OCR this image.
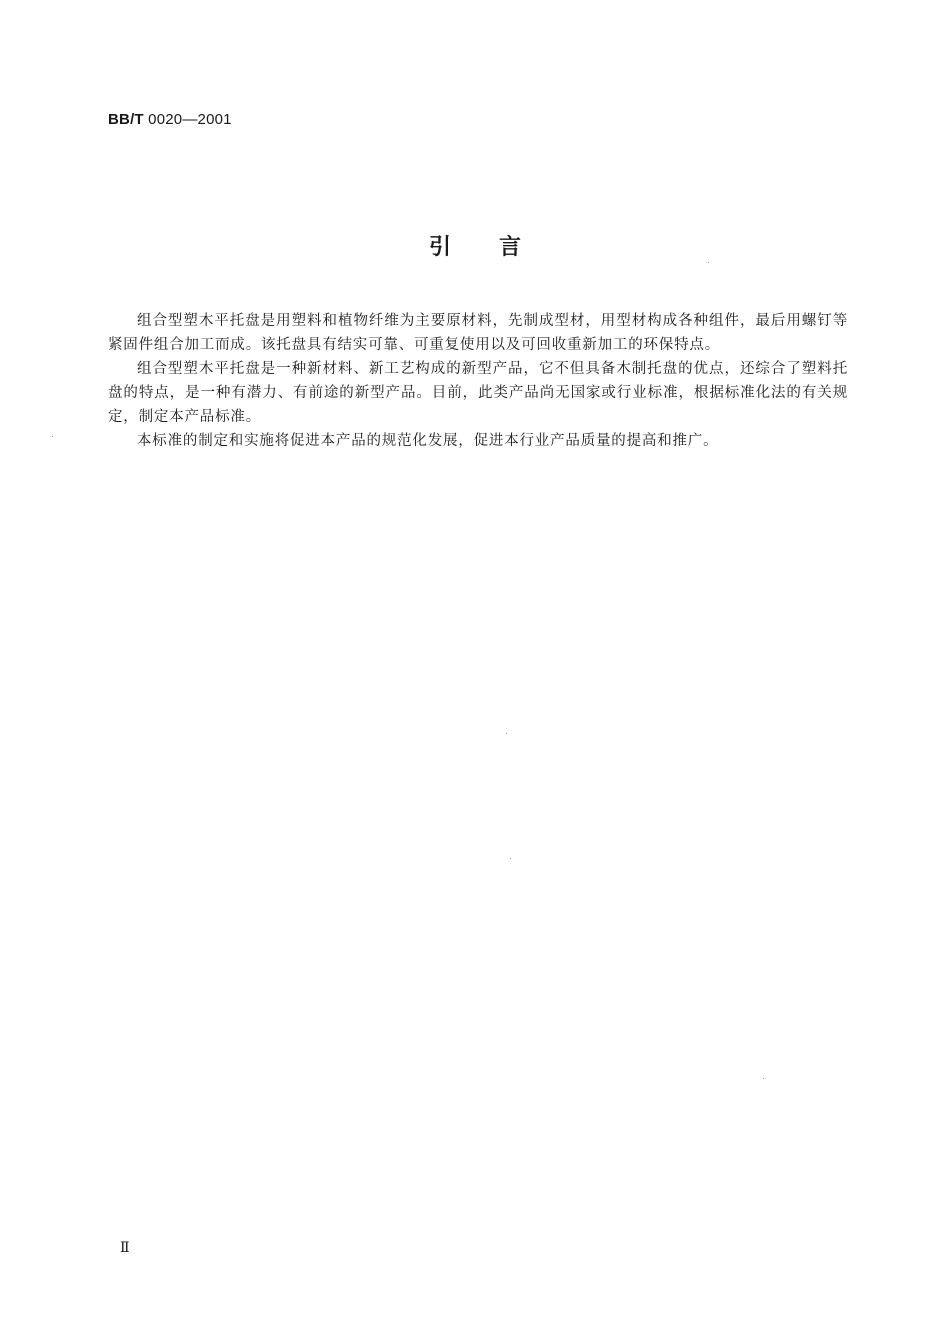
BB/T 0020—2001
引言

组合型塑木平托盘是用塑料和植物纤维为主要原材料，先制成型材，用型材构成各种组件，最后用螺钉等紧固件组合加工而成。该托盘具有结实可靠、可重复使用以及可回收重新加工的环保特点。

组合型塑木平托盘是一种新材料、新工艺构成的新型产品，它不但具备木制托盘的优点，还综合了塑料托盘的特点，是一种有潜力、有前途的新型产品。目前，此类产品尚无国家或行业标准，根据标准化法的有关规定，制定本产品标准。

本标准的制定和实施将促进本产品的规范化发展，促进本行业产品质量的提高和推广。

Ⅱ
